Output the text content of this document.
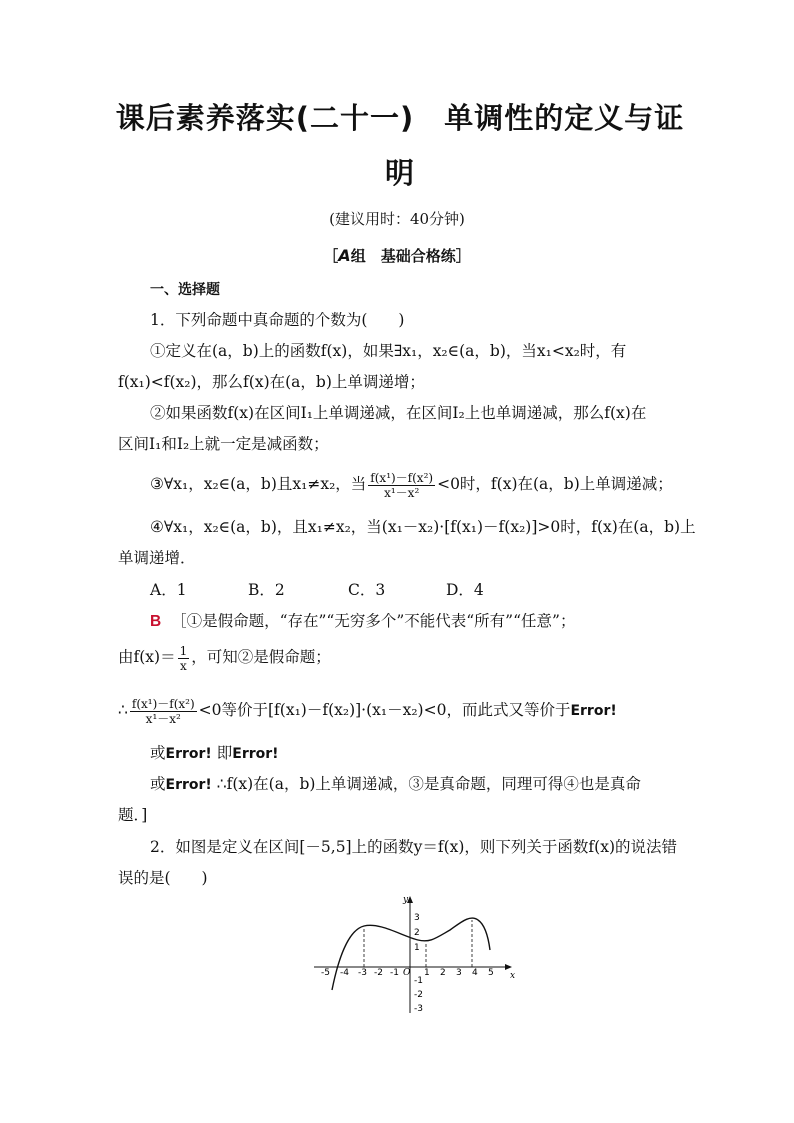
课后素养落实(二十一)　单调性的定义与证
明
(建议用时：40分钟)
［A组　基础合格练］
一、选择题
1．下列命题中真命题的个数为(　　)
①定义在(a，b)上的函数f(x)，如果∃x₁，x₂∈(a，b)，当x₁<x₂时，有
f(x₁)<f(x₂)，那么f(x)在(a，b)上单调递增；
②如果函数f(x)在区间I₁上单调递减，在区间I₂上也单调递减，那么f(x)在
区间I₁和I₂上就一定是减函数；
③∀x₁，x₂∈(a，b)且x₁≠x₂，当 $\frac{\text{f(x¹)－f(x²)}}{\text{x¹－x²}} <0$时，f(x)在(a，b)上单调递减；
④∀x₁，x₂∈(a，b)，且x₁≠x₂，当(x₁－x₂)·[f(x₁)－f(x₂)]>0时，f(x)在(a，b)上
单调递增．
A．1	B．2	C．3	D．4
B ［①是假命题，“存在”“无穷多个”不能代表“所有”“任意”；
由$f(x)= \frac{1}{x}$ ，可知②是假命题；
∴ $\frac{\text{f(x¹)－f(x²)}}{\text{x¹－x²}} <0$等价于[f(x₁)－f(x₂)]·(x₁－x₂)<0，而此式又等价于Error!
或Error! 即Error!
或Error! ∴f(x)在(a，b)上单调递减，③是真命题，同理可得④也是真命
题．]
2．如图是定义在区间[－5,5]上的函数y＝f(x)，则下列关于函数f(x)的说法错
误的是(　　)
x
y
-5 -4 -3 -2 -1 O 1 2 3 4 5
1
2
3
-1
-2
-3
